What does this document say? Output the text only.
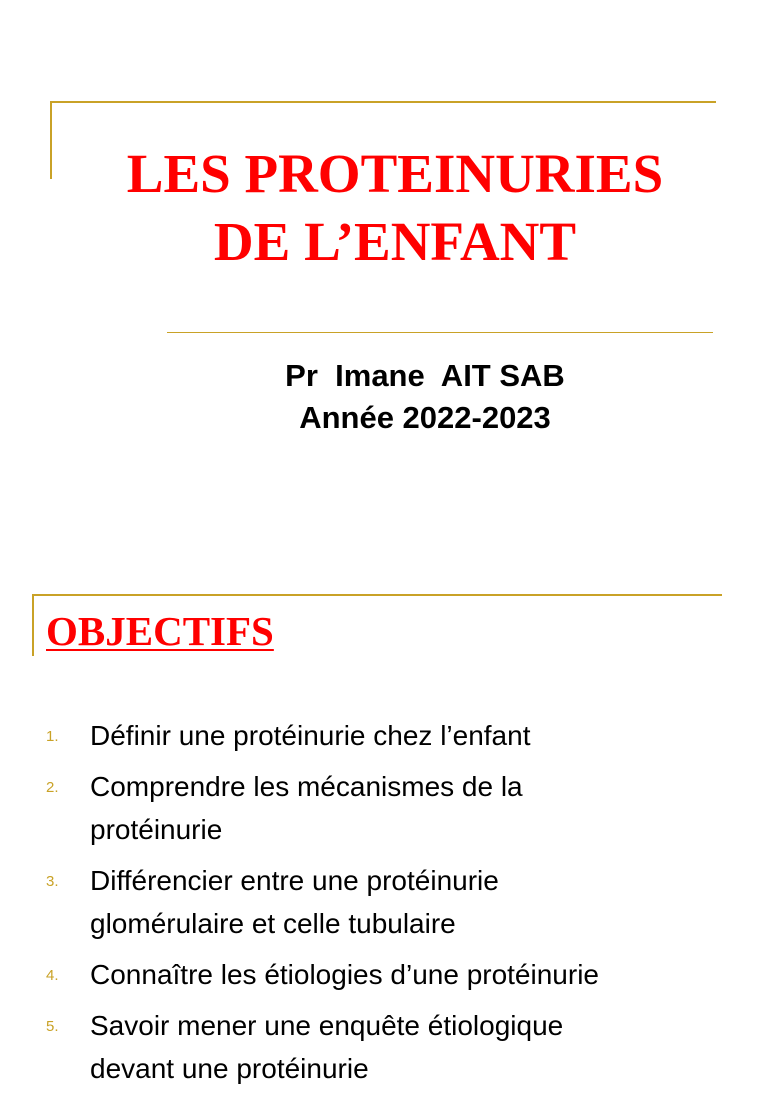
LES PROTEINURIES
DE L’ENFANT
Pr  Imane  AIT SAB
Année 2022-2023
OBJECTIFS
1. Définir une protéinurie chez l’enfant
2. Comprendre les mécanismes de la protéinurie
3. Différencier entre une protéinurie glomérulaire et celle tubulaire
4. Connaître les étiologies d’une protéinurie
5. Savoir mener une enquête étiologique devant une protéinurie
